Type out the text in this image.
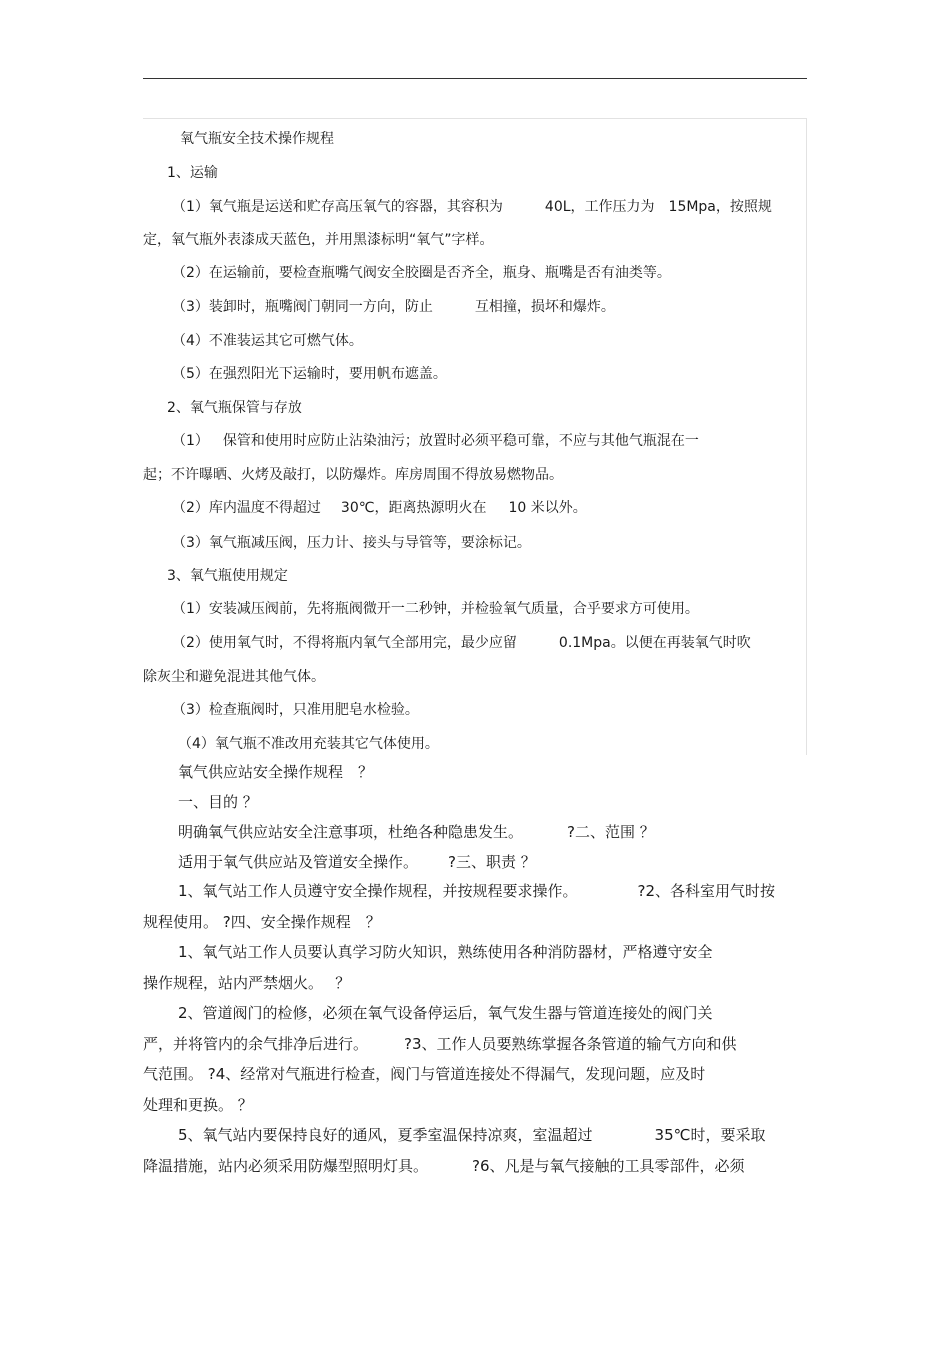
氧气瓶安全技术操作规程
1、运输
（1）氧气瓶是运送和贮存高压氧气的容器，其容积为	40L，工作压力为 15Mpa，按照规
定，氧气瓶外表漆成天蓝色，并用黑漆标明“氧气”字样。
（2）在运输前，要检查瓶嘴气阀安全胶圈是否齐全，瓶身、瓶嘴是否有油类等。
（3）装卸时，瓶嘴阀门朝同一方向，防止	互相撞，损坏和爆炸。
（4）不准装运其它可燃气体。
（5）在强烈阳光下运输时，要用帆布遮盖。
2、氧气瓶保管与存放
（1） 保管和使用时应防止沾染油污；放置时必须平稳可靠，不应与其他气瓶混在一
起；不许曝晒、火烤及敲打，以防爆炸。库房周围不得放易燃物品。
（2）库内温度不得超过 30℃，距离热源明火在 10 米以外。
（3）氧气瓶减压阀，压力计、接头与导管等，要涂标记。
3、氧气瓶使用规定
（1）安装减压阀前，先将瓶阀微开一二秒钟，并检验氧气质量，合乎要求方可使用。
（2）使用氧气时，不得将瓶内氧气全部用完，最少应留	0.1Mpa。以便在再装氧气时吹
除灰尘和避免混进其他气体。
（3）检查瓶阀时，只准用肥皂水检验。
（4）氧气瓶不准改用充装其它气体使用。
氧气供应站安全操作规程　？
一、目的 ？
明确氧气供应站安全注意事项，杜绝各种隐患发生。	?二、范围 ？
适用于氧气供应站及管道安全操作。 ?三、职责 ？
1、氧气站工作人员遵守安全操作规程，并按规程要求操作。	?2、各科室用气时按
规程使用。 ?四、安全操作规程　？
1、氧气站工作人员要认真学习防火知识，熟练使用各种消防器材，严格遵守安全
操作规程，站内严禁烟火。　 ？
2、管道阀门的检修，必须在氧气设备停运后，氧气发生器与管道连接处的阀门关
严，并将管内的余气排净后进行。 ?3、工作人员要熟练掌握各条管道的输气方向和供
气范围。 ?4、经常对气瓶进行检查，阀门与管道连接处不得漏气，发现问题，应及时
处理和更换。 ？
5、氧气站内要保持良好的通风，夏季室温保持凉爽，室温超过	35℃时，要采取
降温措施，站内必须采用防爆型照明灯具。	?6、凡是与氧气接触的工具零部件，必须
